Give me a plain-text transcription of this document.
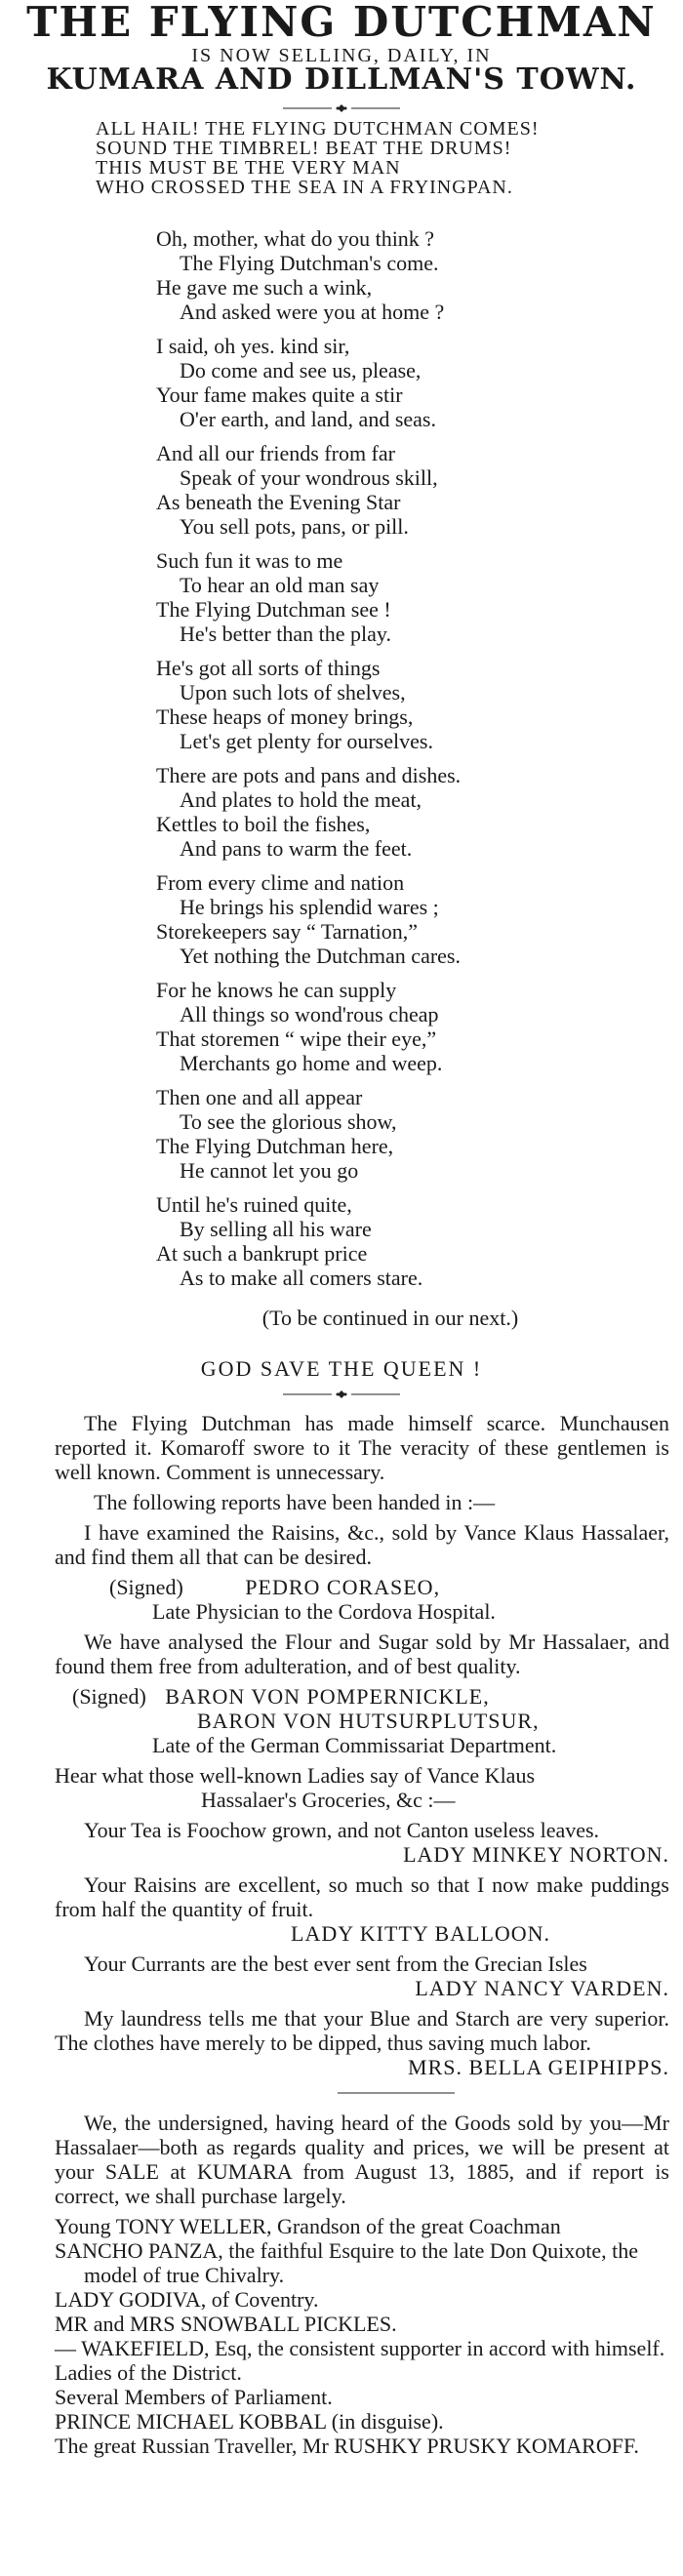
THE FLYING DUTCHMAN
IS NOW SELLING, DAILY, IN
KUMARA AND DILLMAN'S TOWN.
ALL HAIL! THE FLYING DUTCHMAN COMES!
SOUND THE TIMBREL! BEAT THE DRUMS!
THIS MUST BE THE VERY MAN
WHO CROSSED THE SEA IN A FRYINGPAN.
Oh, mother, what do you think ?
The Flying Dutchman's come.
He gave me such a wink,
And asked were you at home ?
I said, oh yes. kind sir,
Do come and see us, please,
Your fame makes quite a stir
O'er earth, and land, and seas.
And all our friends from far
Speak of your wondrous skill,
As beneath the Evening Star
You sell pots, pans, or pill.
Such fun it was to me
To hear an old man say
The Flying Dutchman see !
He's better than the play.
He's got all sorts of things
Upon such lots of shelves,
These heaps of money brings,
Let's get plenty for ourselves.
There are pots and pans and dishes.
And plates to hold the meat,
Kettles to boil the fishes,
And pans to warm the feet.
From every clime and nation
He brings his splendid wares ;
Storekeepers say “ Tarnation,”
Yet nothing the Dutchman cares.
For he knows he can supply
All things so wond'rous cheap
That storemen “ wipe their eye,”
Merchants go home and weep.
Then one and all appear
To see the glorious show,
The Flying Dutchman here,
He cannot let you go
Until he's ruined quite,
By selling all his ware
At such a bankrupt price
As to make all comers stare.
(To be continued in our next.)
GOD SAVE THE QUEEN !

The Flying Dutchman has made himself scarce. Munchausen reported it. Komaroff swore to it The veracity of these gentlemen is well known. Comment is unnecessary.

The following reports have been handed in :—

I have examined the Raisins, &c., sold by Vance Klaus Hassalaer, and find them all that can be desired.

(Signed)	PEDRO CORASEO,
Late Physician to the Cordova Hospital.

We have analysed the Flour and Sugar sold by Mr Hassalaer, and found them free from adulteration, and of best quality.

(Signed) BARON VON POMPERNICKLE,
BARON VON HUTSURPLUTSUR,
Late of the German Commissariat Department.
Hear what those well-known Ladies say of Vance Klaus
Hassalaer's Groceries, &c :—

Your Tea is Foochow grown, and not Canton useless leaves.

LADY MINKEY NORTON.

Your Raisins are excellent, so much so that I now make puddings from half the quantity of fruit.

LADY KITTY BALLOON.

Your Currants are the best ever sent from the Grecian Isles

LADY NANCY VARDEN.

My laundress tells me that your Blue and Starch are very superior. The clothes have merely to be dipped, thus saving much labor.

MRS. BELLA GEIPHIPPS.

We, the undersigned, having heard of the Goods sold by you—Mr Hassalaer—both as regards quality and prices, we will be present at your SALE at KUMARA from August 13, 1885, and if report is correct, we shall purchase largely.

Young TONY WELLER, Grandson of the great Coachman
SANCHO PANZA, the faithful Esquire to the late Don Quixote, the model of true Chivalry.
LADY GODIVA, of Coventry.
MR and MRS SNOWBALL PICKLES.
— WAKEFIELD, Esq, the consistent supporter in accord with himself.
Ladies of the District.
Several Members of Parliament.
PRINCE MICHAEL KOBBAL (in disguise).
The great Russian Traveller, Mr RUSHKY PRUSKY KOMAROFF.
